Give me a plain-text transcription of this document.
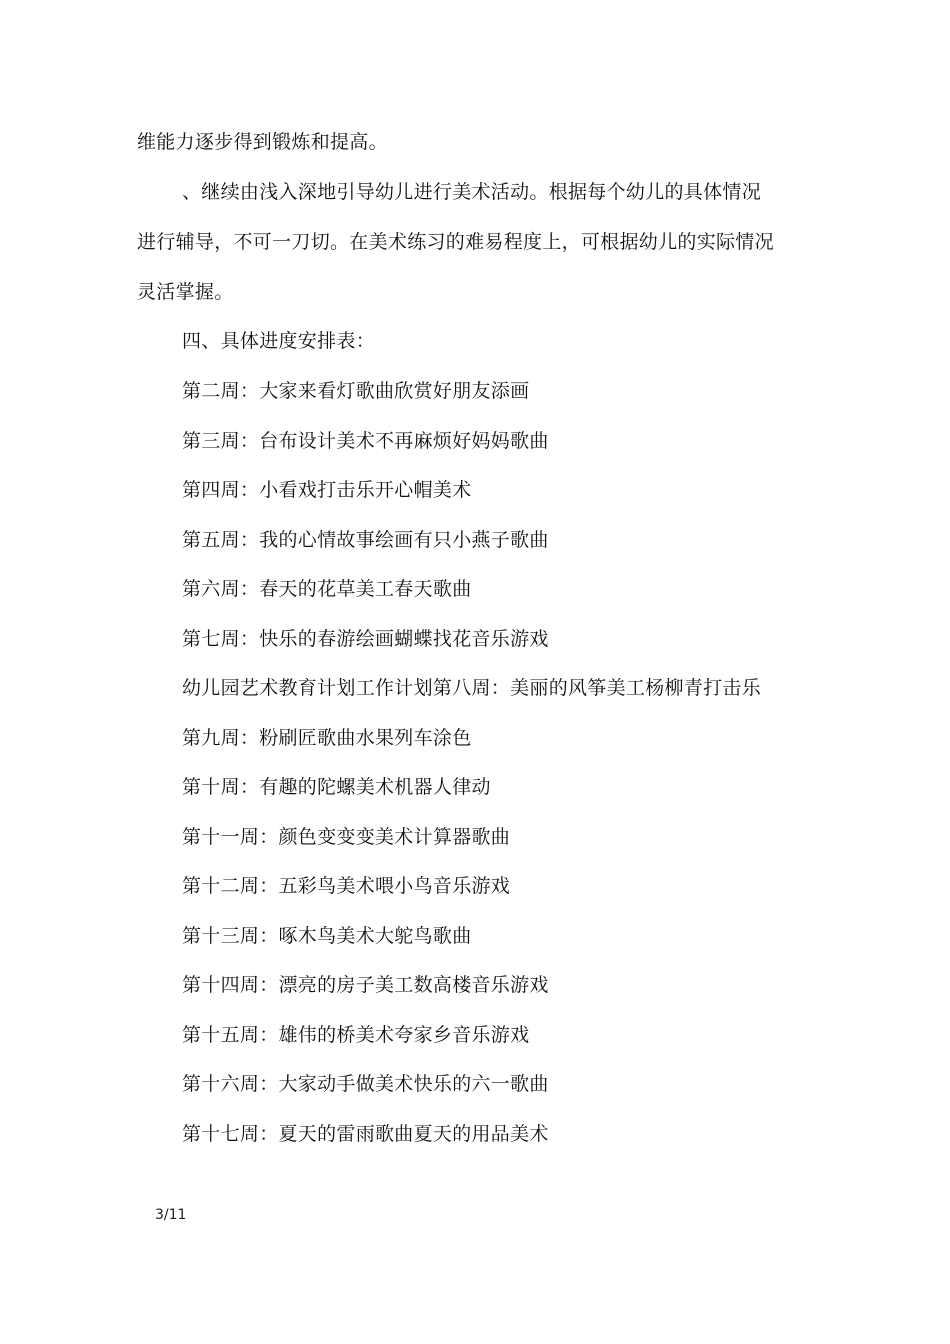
维能力逐步得到锻炼和提高。

、继续由浅入深地引导幼儿进行美术活动。根据每个幼儿的具体情况

进行辅导，不可一刀切。在美术练习的难易程度上，可根据幼儿的实际情况

灵活掌握。

四、具体进度安排表：

第二周：大家来看灯歌曲欣赏好朋友添画

第三周：台布设计美术不再麻烦好妈妈歌曲

第四周：小看戏打击乐开心帽美术

第五周：我的心情故事绘画有只小燕子歌曲

第六周：春天的花草美工春天歌曲

第七周：快乐的春游绘画蝴蝶找花音乐游戏

幼儿园艺术教育计划工作计划第八周：美丽的风筝美工杨柳青打击乐

第九周：粉刷匠歌曲水果列车涂色

第十周：有趣的陀螺美术机器人律动

第十一周：颜色变变变美术计算器歌曲

第十二周：五彩鸟美术喂小鸟音乐游戏

第十三周：啄木鸟美术大鸵鸟歌曲

第十四周：漂亮的房子美工数高楼音乐游戏

第十五周：雄伟的桥美术夸家乡音乐游戏

第十六周：大家动手做美术快乐的六一歌曲

第十七周：夏天的雷雨歌曲夏天的用品美术

3/11
